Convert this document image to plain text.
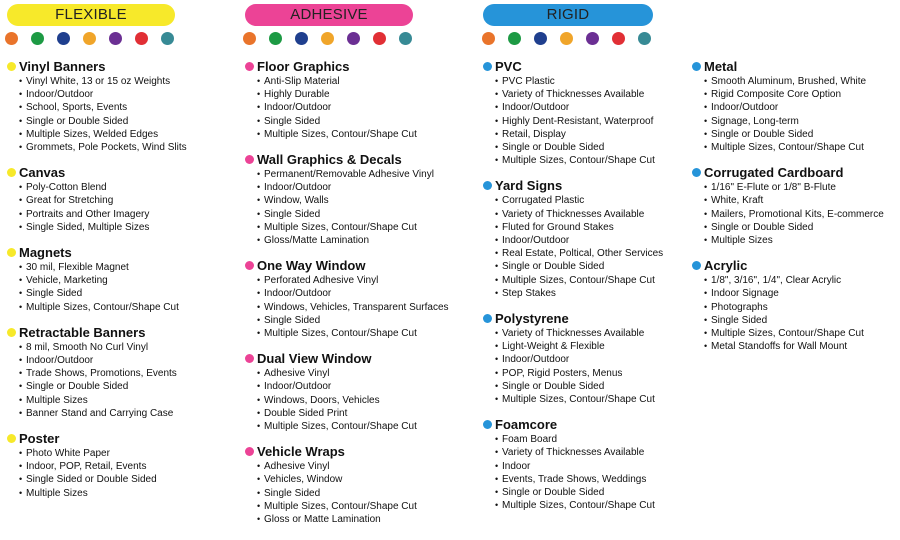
FLEXIBLE	ADHESIVE	RIGID
Vinyl Banners
• Vinyl White, 13 or 15 oz Weights
• Indoor/Outdoor
• School, Sports, Events
• Single or Double Sided
• Multiple Sizes, Welded Edges
• Grommets, Pole Pockets, Wind Slits
Canvas
• Poly-Cotton Blend
• Great for Stretching
• Portraits and Other Imagery
• Single Sided, Multiple Sizes
Magnets
• 30 mil, Flexible Magnet
• Vehicle, Marketing
• Single Sided
• Multiple Sizes, Contour/Shape Cut
Retractable Banners
• 8 mil, Smooth No Curl Vinyl
• Indoor/Outdoor
• Trade Shows, Promotions, Events
• Single or Double Sided
• Multiple Sizes
• Banner Stand and Carrying Case
Poster
• Photo White Paper
• Indoor, POP, Retail, Events
• Single Sided or Double Sided
• Multiple Sizes
Floor Graphics
• Anti-Slip Material
• Highly Durable
• Indoor/Outdoor
• Single Sided
• Multiple Sizes, Contour/Shape Cut
Wall Graphics & Decals
• Permanent/Removable Adhesive Vinyl
• Indoor/Outdoor
• Window, Walls
• Single Sided
• Multiple Sizes, Contour/Shape Cut
• Gloss/Matte Lamination
One Way Window
• Perforated Adhesive Vinyl
• Indoor/Outdoor
• Windows, Vehicles, Transparent Surfaces
• Single Sided
• Multiple Sizes, Contour/Shape Cut
Dual View Window
• Adhesive Vinyl
• Indoor/Outdoor
• Windows, Doors, Vehicles
• Double Sided Print
• Multiple Sizes, Contour/Shape Cut
Vehicle Wraps
• Adhesive Vinyl
• Vehicles, Window
• Single Sided
• Multiple Sizes, Contour/Shape Cut
• Gloss or Matte Lamination
PVC
• PVC Plastic
• Variety of Thicknesses Available
• Indoor/Outdoor
• Highly Dent-Resistant, Waterproof
• Retail, Display
• Single or Double Sided
• Multiple Sizes, Contour/Shape Cut
Yard Signs
• Corrugated Plastic
• Variety of Thicknesses Available
• Fluted for Ground Stakes
• Indoor/Outdoor
• Real Estate, Poltical, Other Services
• Single or Double Sided
• Multiple Sizes, Contour/Shape Cut
• Step Stakes
Polystyrene
• Variety of Thicknesses Available
• Light-Weight & Flexible
• Indoor/Outdoor
• POP, Rigid Posters, Menus
• Single or Double Sided
• Multiple Sizes, Contour/Shape Cut
Foamcore
• Foam Board
• Variety of Thicknesses Available
• Indoor
• Events, Trade Shows, Weddings
• Single or Double Sided
• Multiple Sizes, Contour/Shape Cut
Metal
• Smooth Aluminum, Brushed, White
• Rigid Composite Core Option
• Indoor/Outdoor
• Signage, Long-term
• Single or Double Sided
• Multiple Sizes, Contour/Shape Cut
Corrugated Cardboard
• 1/16" E-Flute or 1/8" B-Flute
• White, Kraft
• Mailers, Promotional Kits, E-commerce
• Single or Double Sided
• Multiple Sizes
Acrylic
• 1/8", 3/16", 1/4", Clear Acrylic
• Indoor Signage
• Photographs
• Single Sided
• Multiple Sizes, Contour/Shape Cut
• Metal Standoffs for Wall Mount
